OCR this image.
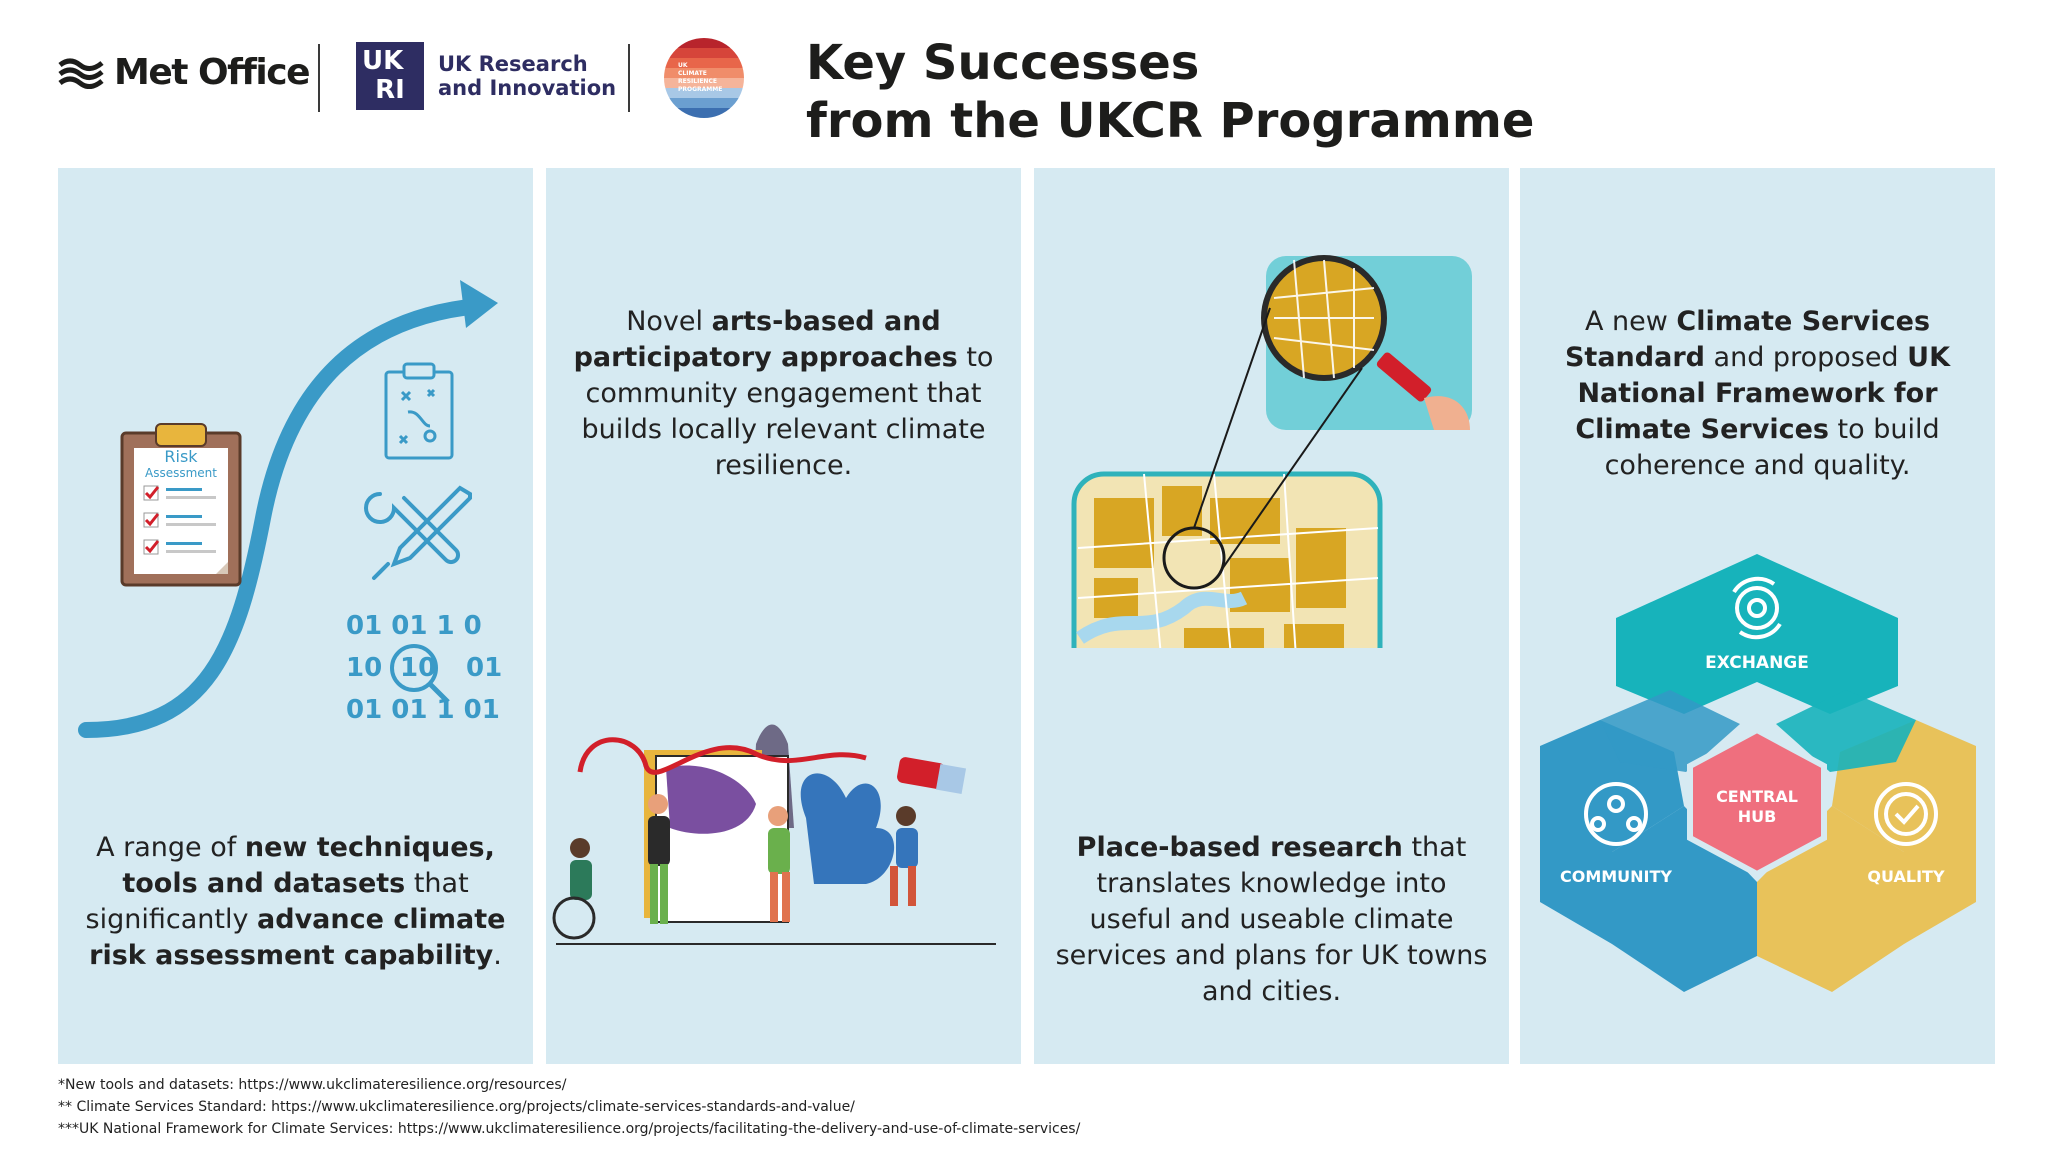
Met Office UK
RI
UK Research
and Innovation
UK
CLIMATE
RESILIENCE
PROGRAMME Key Successes
from the UKCR Programme
Risk
Assessment
01 01 1 0
10 10 01
01 01 1 01
A range of new techniques, tools and datasets that significantly advance climate risk assessment capability.
Novel arts-based and participatory approaches to community engagement that builds locally relevant climate resilience.
Place-based research that translates knowledge into useful and useable climate services and plans for UK towns and cities.
A new Climate Services Standard and proposed UK National Framework for Climate Services to build coherence and quality.
EXCHANGE
CENTRAL
HUB
COMMUNITY	QUALITY
*New tools and datasets: https://www.ukclimateresilience.org/resources/
** Climate Services Standard: https://www.ukclimateresilience.org/projects/climate-services-standards-and-value/
***UK National Framework for Climate Services: https://www.ukclimateresilience.org/projects/facilitating-the-delivery-and-use-of-climate-services/
